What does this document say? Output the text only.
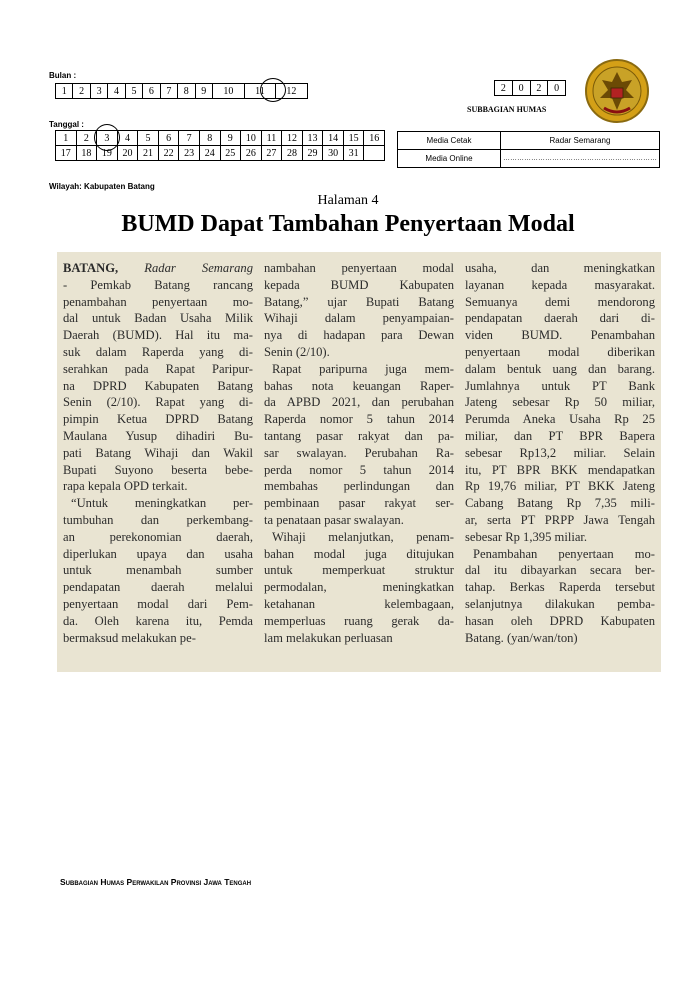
Bulan :
1	2	3	4	5	6	7	8	9	10	11	12
Tanggal :
1	2	3	4	5	6	7	8	9	10	11	12	13	14	15	16
17	18	19	20	21	22	23	24	25	26	27	28	29	30	31	
2	0	2	0
SUBBAGIAN HUMAS
Media Cetak	Radar Semarang
Media Online	…………………………………………………………
Wilayah: Kabupaten Batang
Halaman 4
BUMD Dapat Tambahan Penyertaan Modal
BATANG, Radar Semarang
- Pemkab Batang rancang
penambahan penyertaan mo-
dal untuk Badan Usaha Milik
Daerah (BUMD). Hal itu ma-
suk dalam Raperda yang di-
serahkan pada Rapat Paripur-
na DPRD Kabupaten Batang
Senin (2/10). Rapat yang di-
pimpin Ketua DPRD Batang
Maulana Yusup dihadiri Bu-
pati Batang Wihaji dan Wakil
Bupati Suyono beserta bebe-
rapa kepala OPD terkait.
“Untuk meningkatkan per-
tumbuhan dan perkembang-
an perekonomian daerah,
diperlukan upaya dan usaha
untuk menambah sumber
pendapatan daerah melalui
penyertaan modal dari Pem-
da. Oleh karena itu, Pemda
bermaksud melakukan pe-
nambahan penyertaan modal
kepada BUMD Kabupaten
Batang,” ujar Bupati Batang
Wihaji dalam penyampaian-
nya di hadapan para Dewan
Senin (2/10).
Rapat paripurna juga mem-
bahas nota keuangan Raper-
da APBD 2021, dan perubahan
Raperda nomor 5 tahun 2014
tantang pasar rakyat dan pa-
sar swalayan. Perubahan Ra-
perda nomor 5 tahun 2014
membahas perlindungan dan
pembinaan pasar rakyat ser-
ta penataan pasar swalayan.
Wihaji melanjutkan, penam-
bahan modal juga ditujukan
untuk memperkuat struktur
permodalan, meningkatkan
ketahanan kelembagaan,
memperluas ruang gerak da-
lam melakukan perluasan
usaha, dan meningkatkan
layanan kepada masyarakat.
Semuanya demi mendorong
pendapatan daerah dari di-
viden BUMD. Penambahan
penyertaan modal diberikan
dalam bentuk uang dan barang.
Jumlahnya untuk PT Bank
Jateng sebesar Rp 50 miliar,
Perumda Aneka Usaha Rp 25
miliar, dan PT BPR Bapera
sebesar Rp13,2 miliar. Selain
itu, PT BPR BKK mendapatkan
Rp 19,76 miliar, PT BKK Jateng
Cabang Batang Rp 7,35 mili-
ar, serta PT PRPP Jawa Tengah
sebesar Rp 1,395 miliar.
Penambahan penyertaan mo-
dal itu dibayarkan secara ber-
tahap. Berkas Raperda tersebut
selanjutnya dilakukan pemba-
hasan oleh DPRD Kabupaten
Batang. (yan/wan/ton)
Subbagian Humas Perwakilan Provinsi Jawa Tengah
